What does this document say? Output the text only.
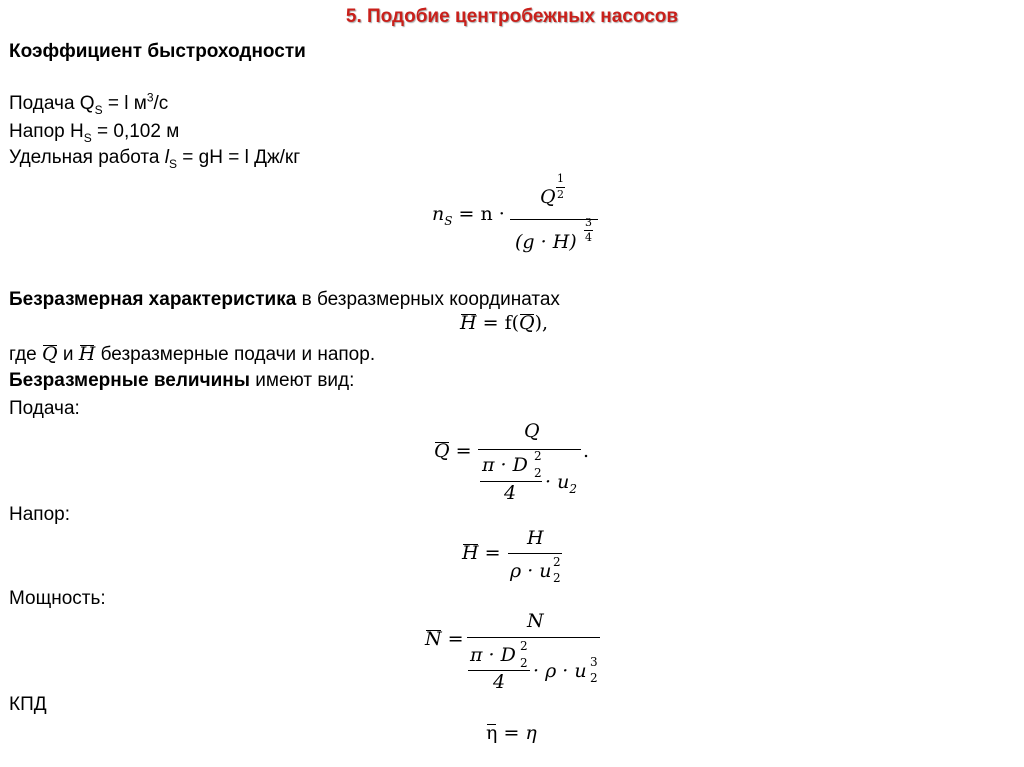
5. Подобие центробежных насосов
Коэффициент быстроходности
Подача $Q_S = l$ $м^3/с$
Напор $H_S = 0,102$ м
Удельная работа $l_S$ = gH = l Дж/кг
$n_S = n$ ·
Q
1
2
(g · H)
3
4
Безразмерная характеристика в безразмерных координатах
H = f(Q),
где Q и H безразмерные подачи и напор.
Безразмерные величины имеют вид:
Подача:
Q =
Q
.
π · D 2
2
$4 \cdot u_2$
Напор:
H =
H
ρ · u 2
2
Мощность:
N =
N
π · D 2
2
4 · ρ · u 3
2
КПД
η = η
